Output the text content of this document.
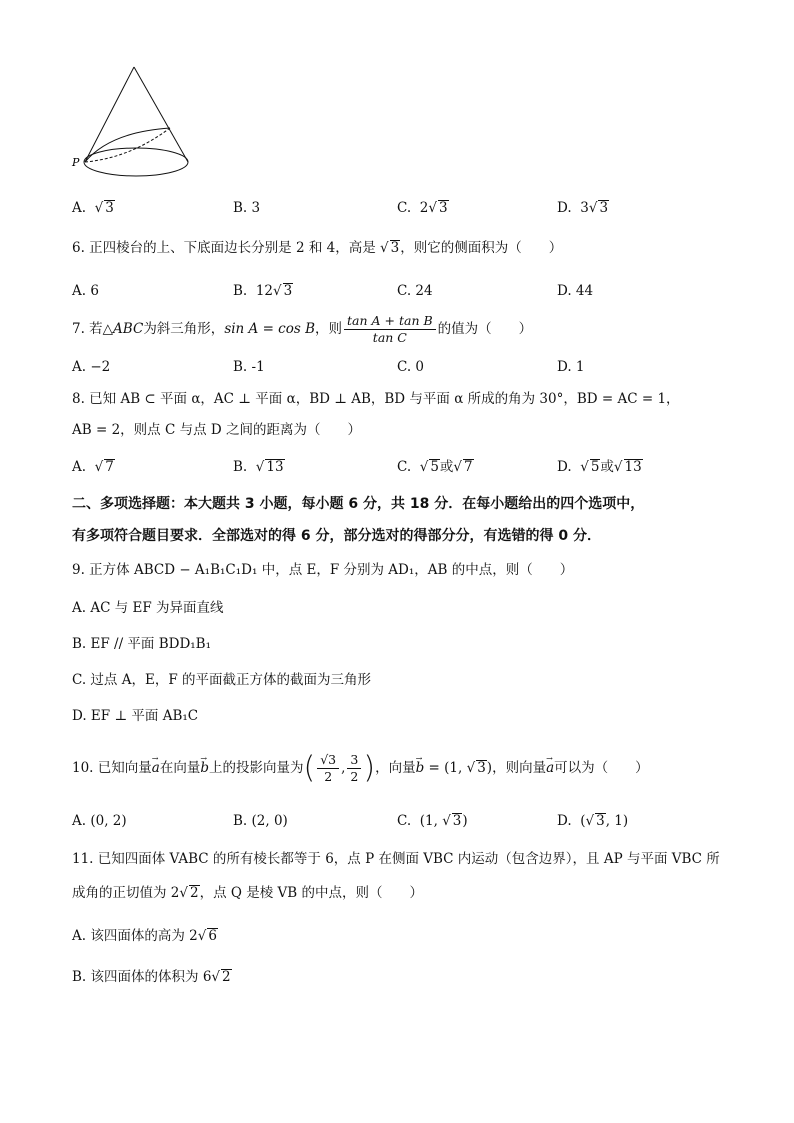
P
A.  √ 3	B. 3	C. 2√ 3	D. 3√ 3
6. 正四棱台的上、下底面边长分别是 2 和 4，高是 √ 3，则它的侧面积为（　　）
A. 6	B. 12√ 3	C. 24	D. 44
7. 若△ABC为斜三角形，sin A = cos B，则 $\frac{\text{tan A + tan B}}{\text{tan C}}$ 的值为（　　）
A. −2	B. -1	C. 0	D. 1
8. 已知 AB ⊂ 平面 α，AC ⊥ 平面 α，BD ⊥ AB，BD 与平面 α 所成的角为 30°，BD = AC = 1，
AB = 2，则点 C 与点 D 之间的距离为（　　）
A.  √ 7	B.  √ 13	C.  √ 5或√ 7	D.  √ 5或√ 13
二、多项选择题：本大题共 3 小题，每小题 6 分，共 18 分．在每小题给出的四个选项中，
有多项符合题目要求．全部选对的得 6 分，部分选对的得部分分，有选错的得 0 分．
9. 正方体 ABCD − A₁B₁C₁D₁ 中，点 E，F 分别为 AD₁，AB 的中点，则（　　）
A. AC 与 EF 为异面直线
B. EF // 平面 BDD₁B₁
C. 过点 A，E，F 的平面截正方体的截面为三角形
D. EF ⊥ 平面 AB₁C
10. 已知向量→ a在向量→ b上的投影向量为( $\frac{√3}{2}$ , $\frac{3}{2}$ )，向量→ b = (1, √ 3)，则向量→ a可以为（　　）
A. (0, 2)	B. (2, 0)	C. (1, √ 3)	D. (√ 3, 1)
11. 已知四面体 VABC 的所有棱长都等于 6，点 P 在侧面 VBC 内运动（包含边界），且 AP 与平面 VBC 所
成角的正切值为 2√ 2，点 Q 是棱 VB 的中点，则（　　）
A. 该四面体的高为 2√ 6
B. 该四面体的体积为 6√ 2
